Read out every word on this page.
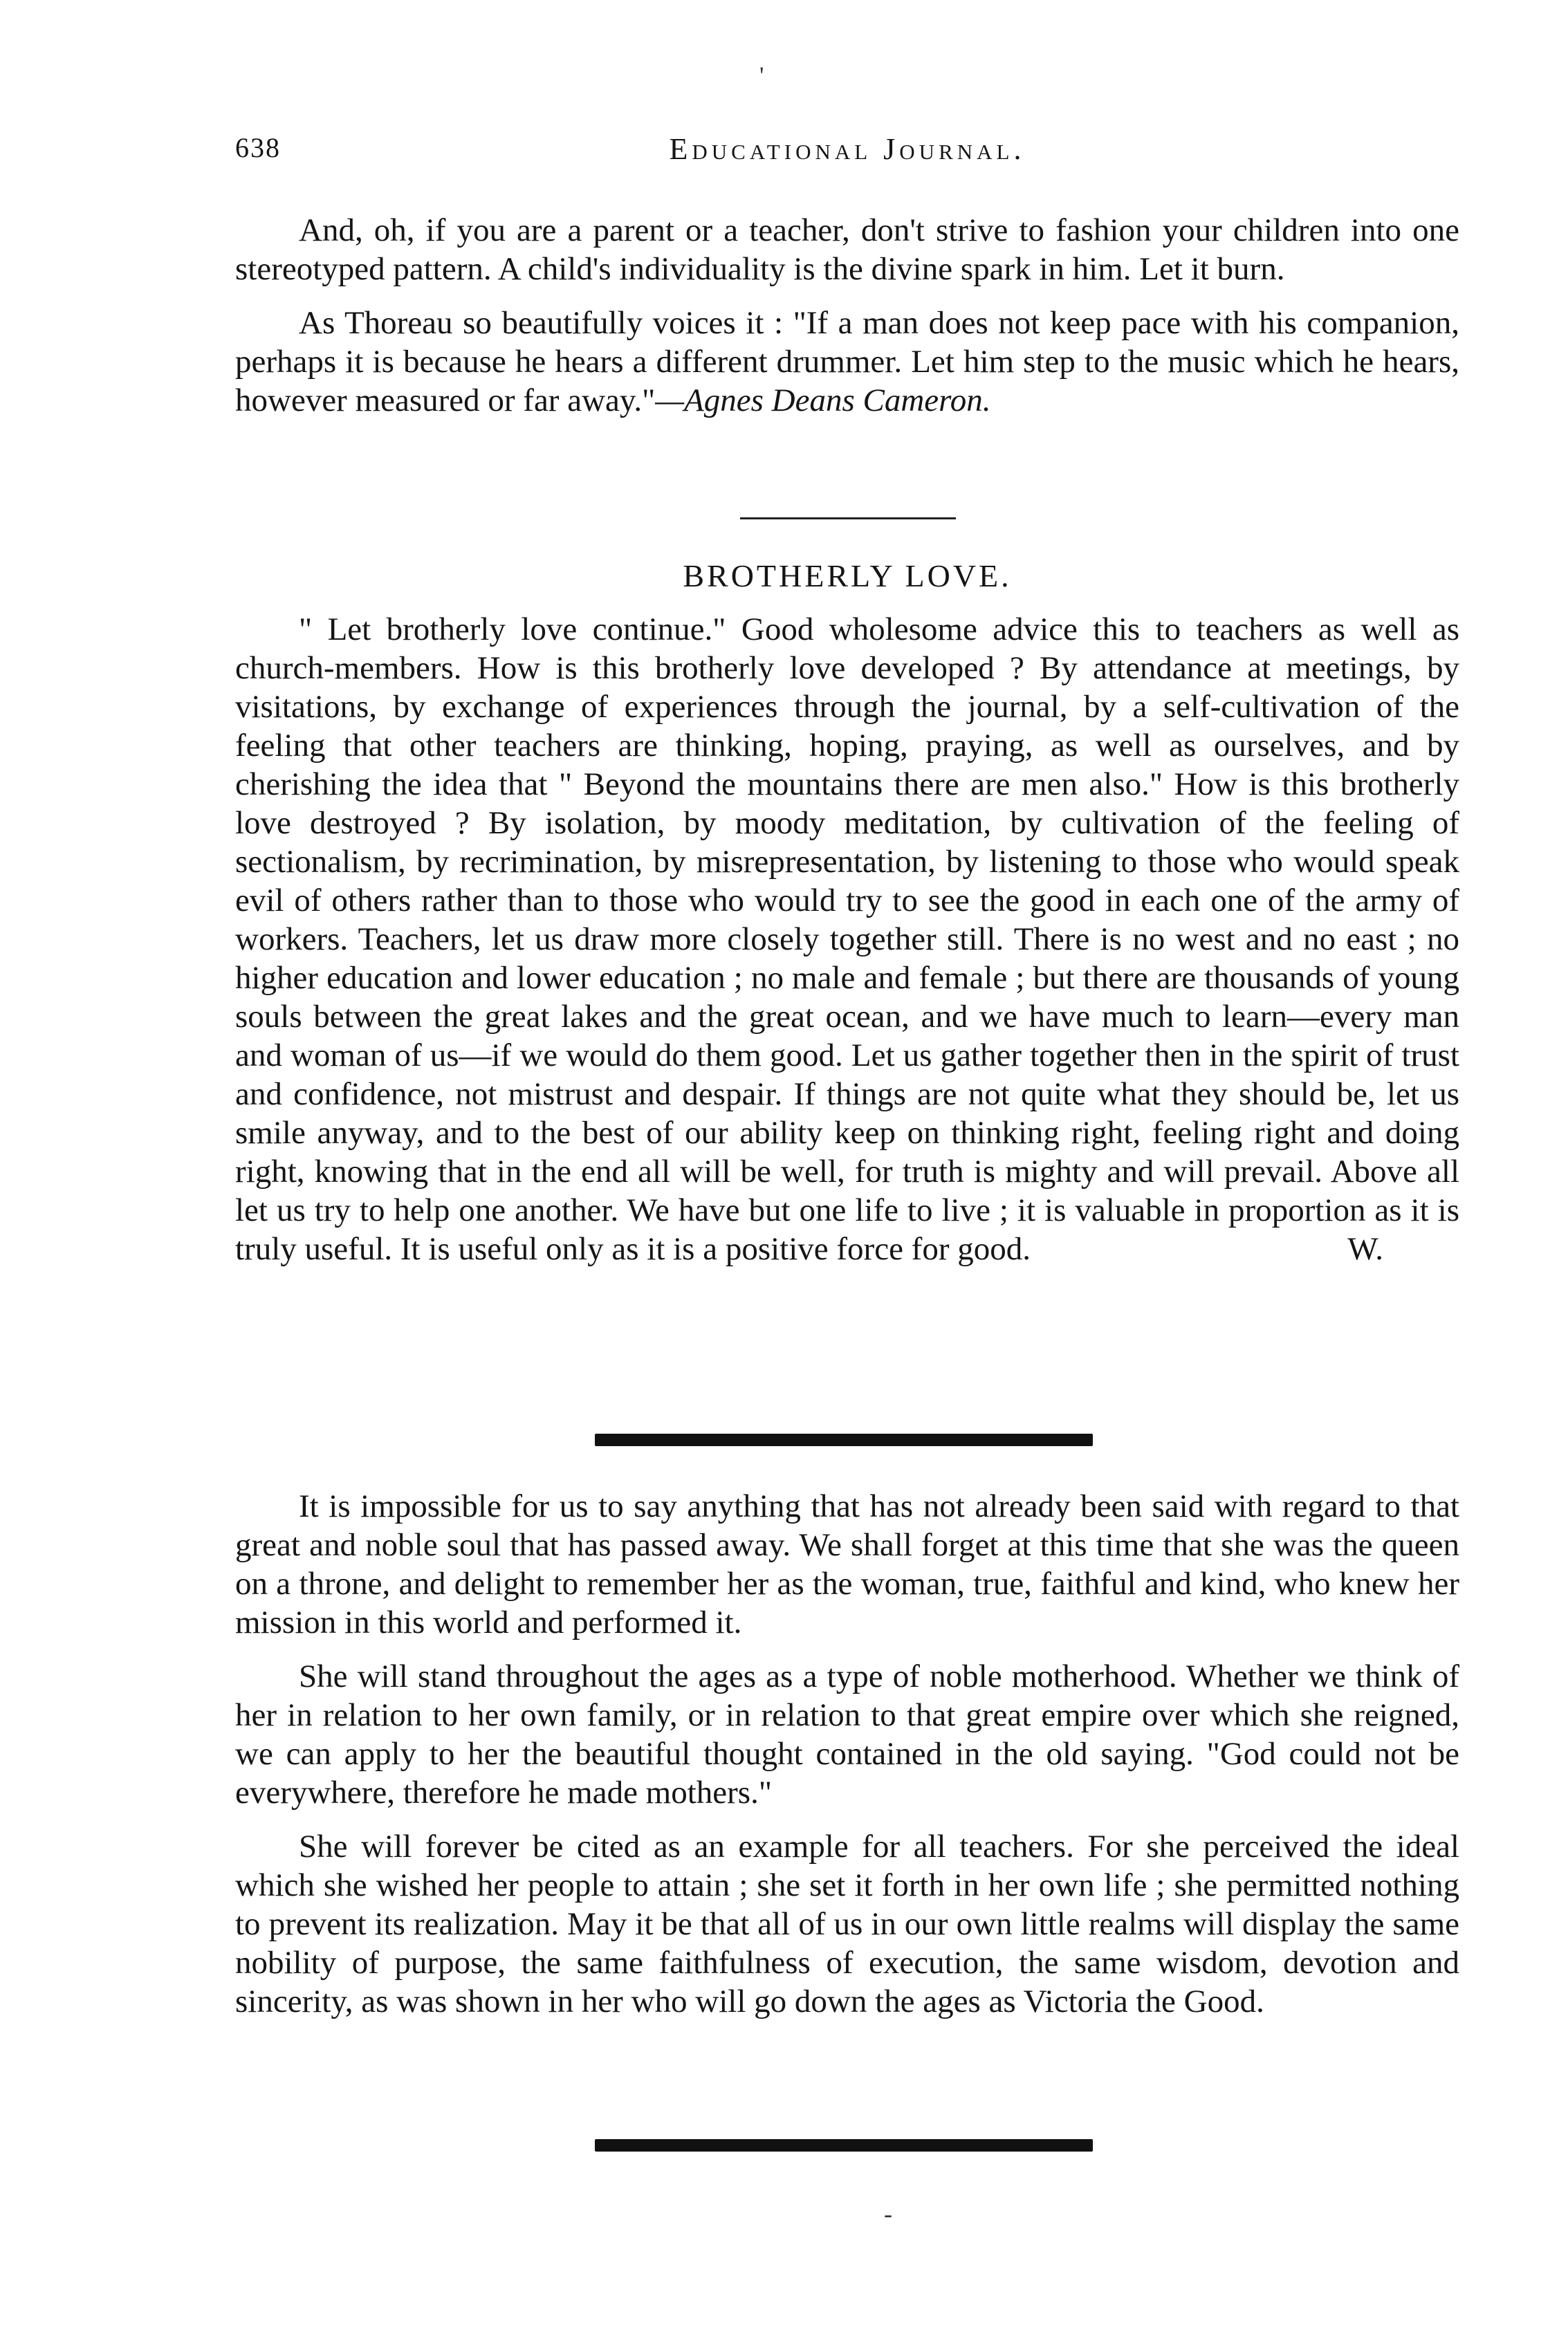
'
638	Educational Journal.

And, oh, if you are a parent or a teacher, don't strive to fashion your children into one stereotyped pattern. A child's individuality is the divine spark in him. Let it burn.

As Thoreau so beautifully voices it : "If a man does not keep pace with his companion, perhaps it is because he hears a different drummer. Let him step to the music which he hears, however measured or far away."—Agnes Deans Cameron.

BROTHERLY LOVE.

" Let brotherly love continue." Good wholesome advice this to teachers as well as church-members. How is this brotherly love developed ? By attendance at meetings, by visitations, by exchange of experiences through the journal, by a self-cultivation of the feeling that other teachers are thinking, hoping, praying, as well as ourselves, and by cherishing the idea that " Beyond the mountains there are men also." How is this brotherly love destroyed ? By isolation, by moody meditation, by cultivation of the feeling of sectionalism, by recrimination, by misrepresentation, by listening to those who would speak evil of others rather than to those who would try to see the good in each one of the army of workers. Teachers, let us draw more closely together still. There is no west and no east ; no higher education and lower education ; no male and female ; but there are thousands of young souls between the great lakes and the great ocean, and we have much to learn—every man and woman of us—if we would do them good. Let us gather together then in the spirit of trust and confidence, not mistrust and despair. If things are not quite what they should be, let us smile anyway, and to the best of our ability keep on thinking right, feeling right and doing right, knowing that in the end all will be well, for truth is mighty and will prevail. Above all let us try to help one another. We have but one life to live ; it is valuable in proportion as it is truly useful. It is useful only as it is a positive force for good.	W.

It is impossible for us to say anything that has not already been said with regard to that great and noble soul that has passed away. We shall forget at this time that she was the queen on a throne, and delight to remember her as the woman, true, faithful and kind, who knew her mission in this world and performed it.

She will stand throughout the ages as a type of noble motherhood. Whether we think of her in relation to her own family, or in relation to that great empire over which she reigned, we can apply to her the beautiful thought contained in the old saying. "God could not be everywhere, therefore he made mothers."

She will forever be cited as an example for all teachers. For she perceived the ideal which she wished her people to attain ; she set it forth in her own life ; she permitted nothing to prevent its realization. May it be that all of us in our own little realms will display the same nobility of purpose, the same faithfulness of execution, the same wisdom, devotion and sincerity, as was shown in her who will go down the ages as Victoria the Good.

-
